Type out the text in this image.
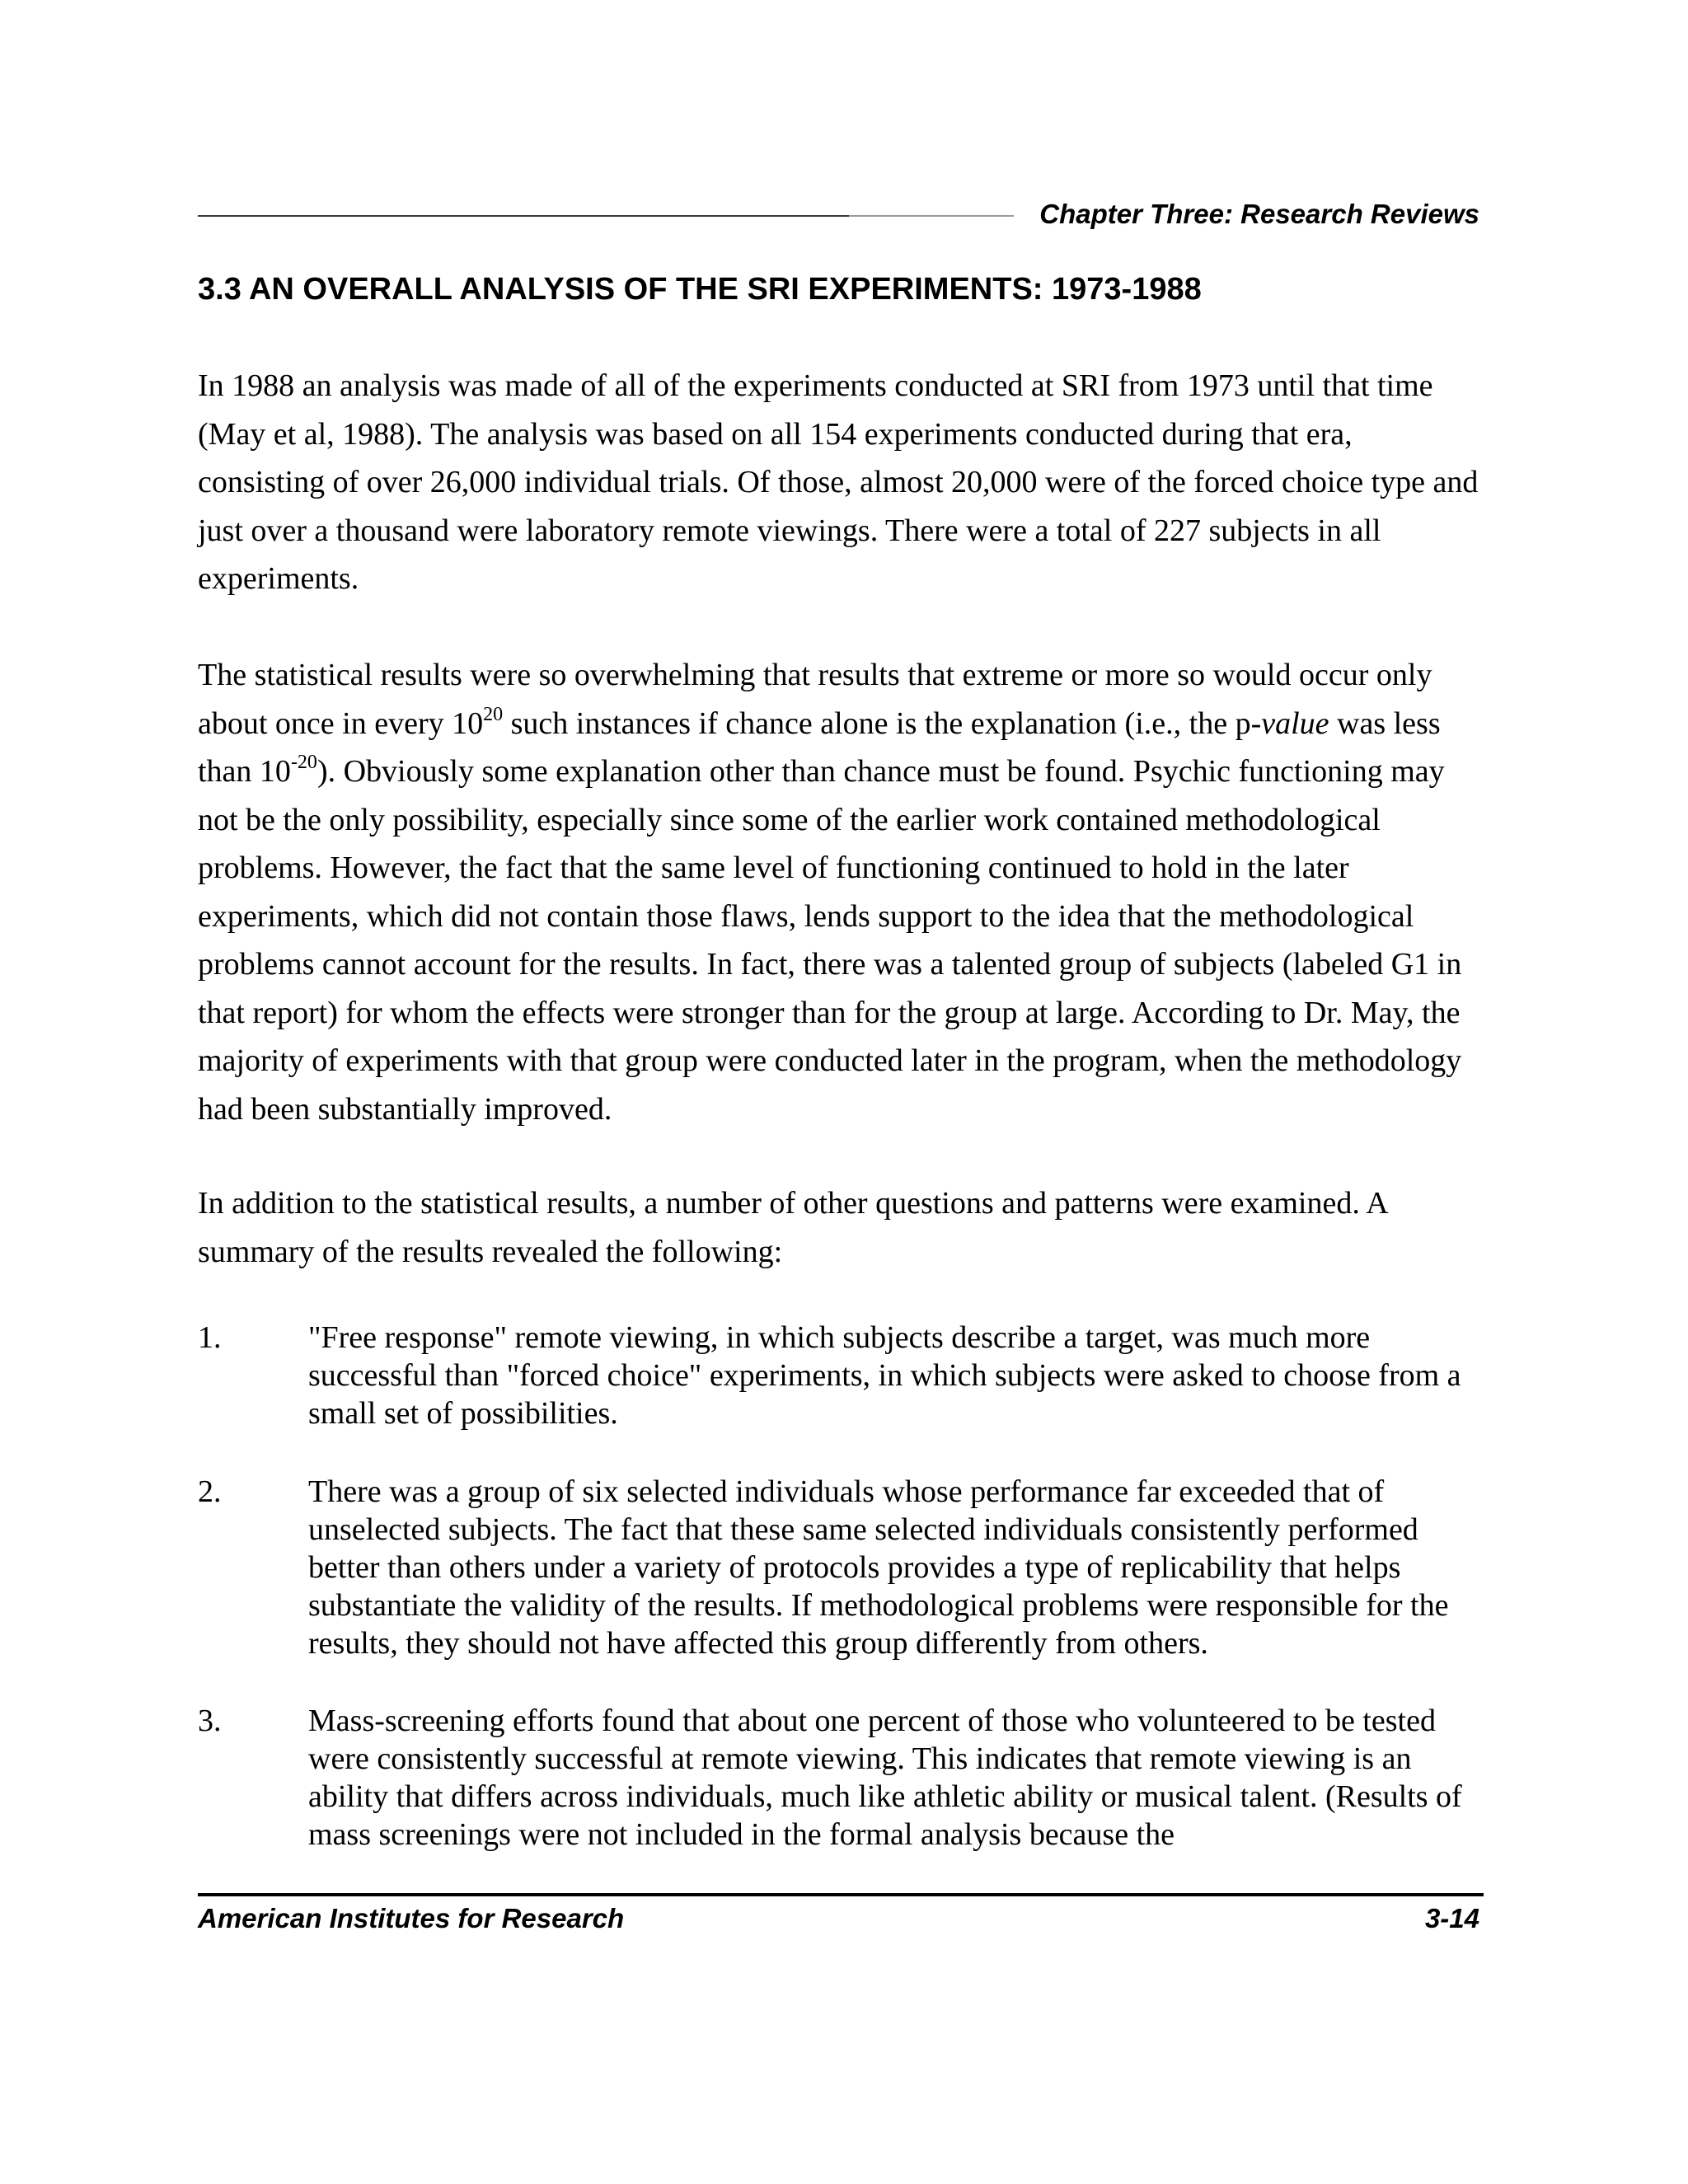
Chapter Three: Research Reviews
3.3 AN OVERALL ANALYSIS OF THE SRI EXPERIMENTS: 1973-1988

In 1988 an analysis was made of all of the experiments conducted at SRI from 1973 until that time (May et al, 1988). The analysis was based on all 154 experiments conducted during that era, consisting of over 26,000 individual trials. Of those, almost 20,000 were of the forced choice type and just over a thousand were laboratory remote viewings. There were a total of 227 subjects in all experiments.

The statistical results were so overwhelming that results that extreme or more so would occur only about once in every $10^{20}$ such instances if chance alone is the explanation (i.e., the p-value was less than $10^{-20}$). Obviously some explanation other than chance must be found. Psychic functioning may not be the only possibility, especially since some of the earlier work contained methodological problems. However, the fact that the same level of functioning continued to hold in the later experiments, which did not contain those flaws, lends support to the idea that the methodological problems cannot account for the results. In fact, there was a talented group of subjects (labeled G1 in that report) for whom the effects were stronger than for the group at large. According to Dr. May, the majority of experiments with that group were conducted later in the program, when the methodology had been substantially improved.

In addition to the statistical results, a number of other questions and patterns were examined. A summary of the results revealed the following:

1.	"Free response" remote viewing, in which subjects describe a target, was much more successful than "forced choice" experiments, in which subjects were asked to choose from a small set of possibilities.
2.	There was a group of six selected individuals whose performance far exceeded that of unselected subjects. The fact that these same selected individuals consistently performed better than others under a variety of protocols provides a type of replicability that helps substantiate the validity of the results. If methodological problems were responsible for the results, they should not have affected this group differently from others.
3.	Mass-screening efforts found that about one percent of those who volunteered to be tested were consistently successful at remote viewing. This indicates that remote viewing is an ability that differs across individuals, much like athletic ability or musical talent. (Results of mass screenings were not included in the formal analysis because the
American Institutes for Research	3-14
